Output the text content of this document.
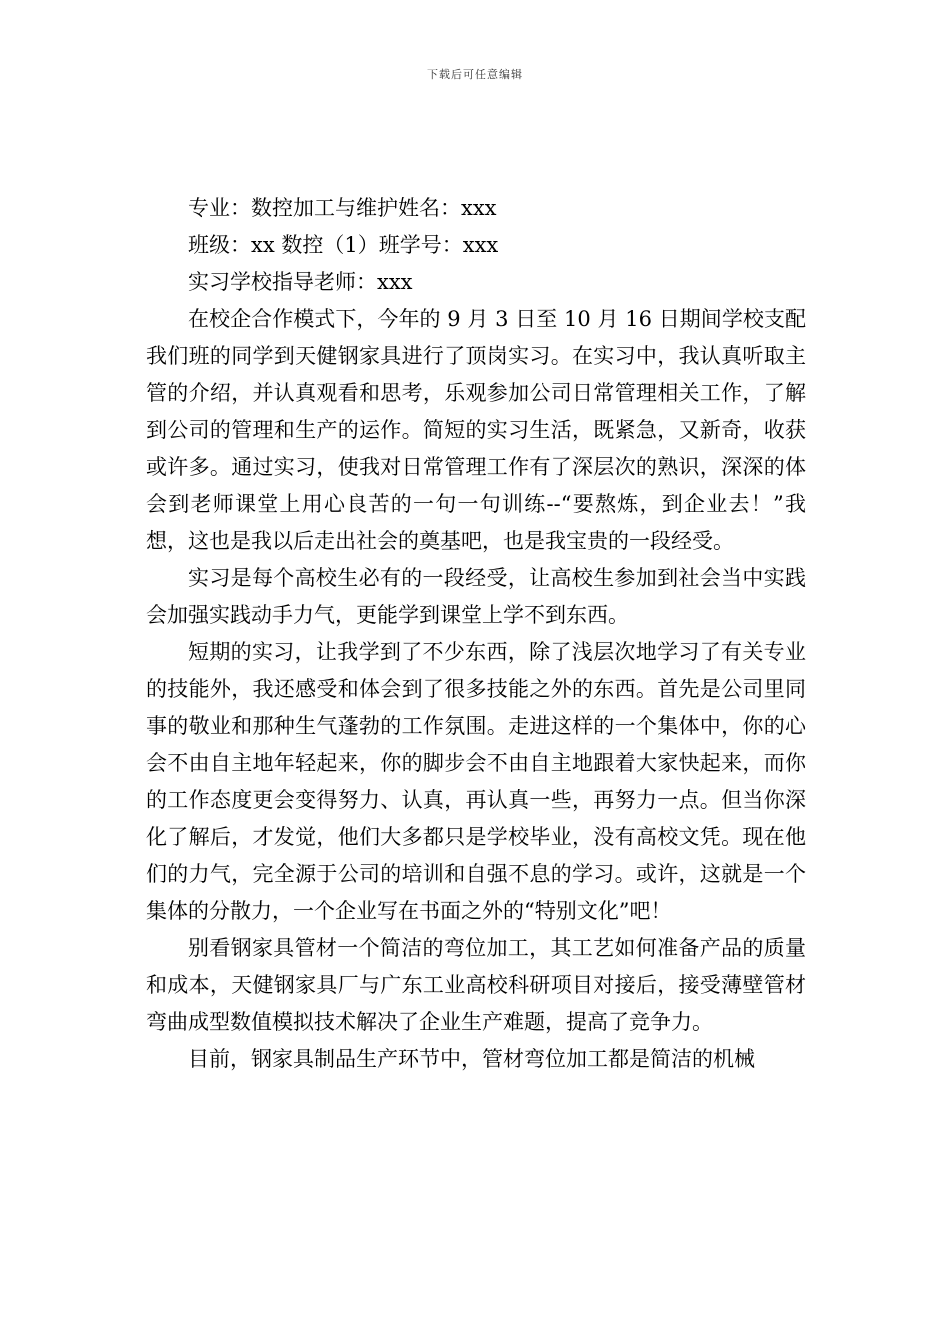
下载后可任意编辑
专业：数控加工与维护姓名：xxx
班级：xx 数控（1）班学号：xxx
实习学校指导老师：xxx

在校企合作模式下，今年的 9 月 3 日至 10 月 16 日期间学校支配我们班的同学到天健钢家具进行了顶岗实习。在实习中，我认真听取主管的介绍，并认真观看和思考，乐观参加公司日常管理相关工作，了解到公司的管理和生产的运作。简短的实习生活，既紧急，又新奇，收获或许多。通过实习，使我对日常管理工作有了深层次的熟识，深深的体会到老师课堂上用心良苦的一句一句训练--“要熬炼，到企业去！”我想，这也是我以后走出社会的奠基吧，也是我宝贵的一段经受。

实习是每个高校生必有的一段经受，让高校生参加到社会当中实践会加强实践动手力气，更能学到课堂上学不到东西。

短期的实习，让我学到了不少东西，除了浅层次地学习了有关专业的技能外，我还感受和体会到了很多技能之外的东西。首先是公司里同事的敬业和那种生气蓬勃的工作氛围。走进这样的一个集体中，你的心会不由自主地年轻起来，你的脚步会不由自主地跟着大家快起来，而你的工作态度更会变得努力、认真，再认真一些，再努力一点。但当你深化了解后，才发觉，他们大多都只是学校毕业，没有高校文凭。现在他们的力气，完全源于公司的培训和自强不息的学习。或许，这就是一个集体的分散力，一个企业写在书面之外的“特别文化”吧！

别看钢家具管材一个简洁的弯位加工，其工艺如何准备产品的质量和成本，天健钢家具厂与广东工业高校科研项目对接后，接受薄壁管材弯曲成型数值模拟技术解决了企业生产难题，提高了竞争力。

目前，钢家具制品生产环节中，管材弯位加工都是简洁的机械
